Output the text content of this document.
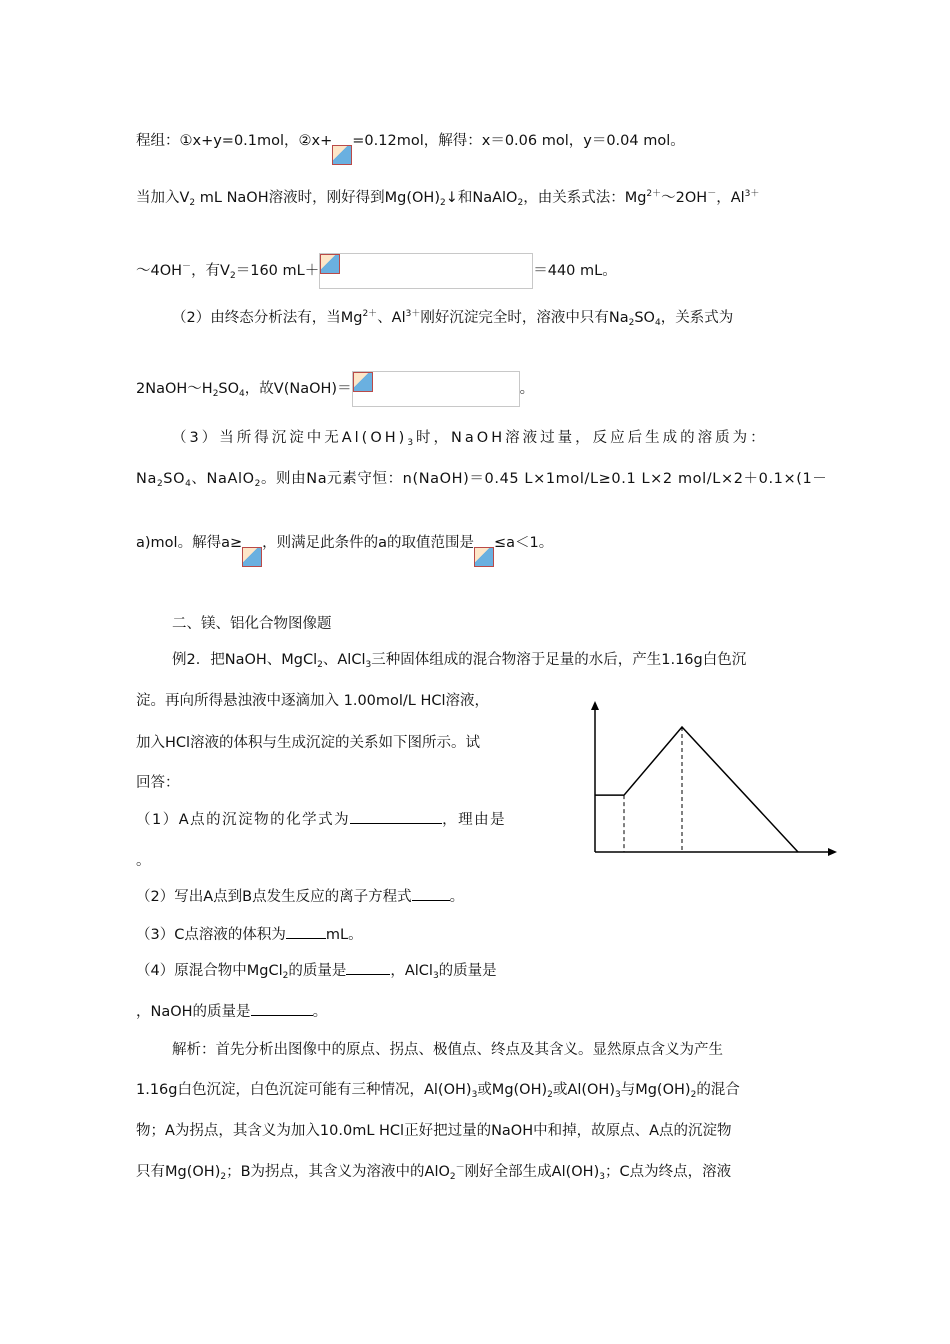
程组：①x+y=0.1mol，②x+ =0.12mol，解得：x＝0.06 mol，y＝0.04 mol。
当加入$V_2$ mL NaOH溶液时，刚好得到$Mg(OH)_2↓$和NaAlO$_2$，由关系式法：$Mg^{2+}\sim 2OH^-$，$Al^{3+}$
～4OH－，有$V_2=160$ mL＋	＝440 mL。
（2）由终态分析法有，当$Mg^{2+}$、$Al^{3+}$刚好沉淀完全时，溶液中只有$Na_2SO_4$，关系式为
$2NaOH\sim H_2SO_4$，故V(NaOH)＝	。
（3）当所得沉淀中无$Al(OH)_3$时，NaOH溶液过量，反应后生成的溶质为：
$Na_2SO_4$、NaAlO$_2$。则由Na元素守恒：n(NaOH)＝0.45 L×1mol/L≥0.1 L×2 mol/L×2＋0.1×(1－
a)mol。解得a≥ ，则满足此条件的a的取值范围是 ≤a＜1。
二、镁、铝化合物图像题
例2．把NaOH、MgCl$_2$、AlCl$_3$三种固体组成的混合物溶于足量的水后，产生1.16g白色沉
淀。再向所得悬浊液中逐滴加入 1.00mol/L HCl溶液，
加入HCl溶液的体积与生成沉淀的关系如下图所示。试
回答：
（1）A点的沉淀物的化学式为	，理由是
。
（2）写出A点到B点发生反应的离子方程式	。
（3）C点溶液的体积为	mL。
（4）原混合物中MgCl$_2$的质量是	，AlCl$_3$的质量是
，NaOH的质量是	。
解析：首先分析出图像中的原点、拐点、极值点、终点及其含义。显然原点含义为产生
1.16g白色沉淀，白色沉淀可能有三种情况，$Al(OH)_3$或$Mg(OH)_2$或$Al(OH)_3$与$Mg(OH)_2$的混合
物；A为拐点，其含义为加入10.0mL HCl正好把过量的NaOH中和掉，故原点、A点的沉淀物
只有$Mg(OH)_2$；B为拐点，其含义为溶液中的AlO$_2$－刚好全部生成$Al(OH)_3$；C点为终点，溶液
